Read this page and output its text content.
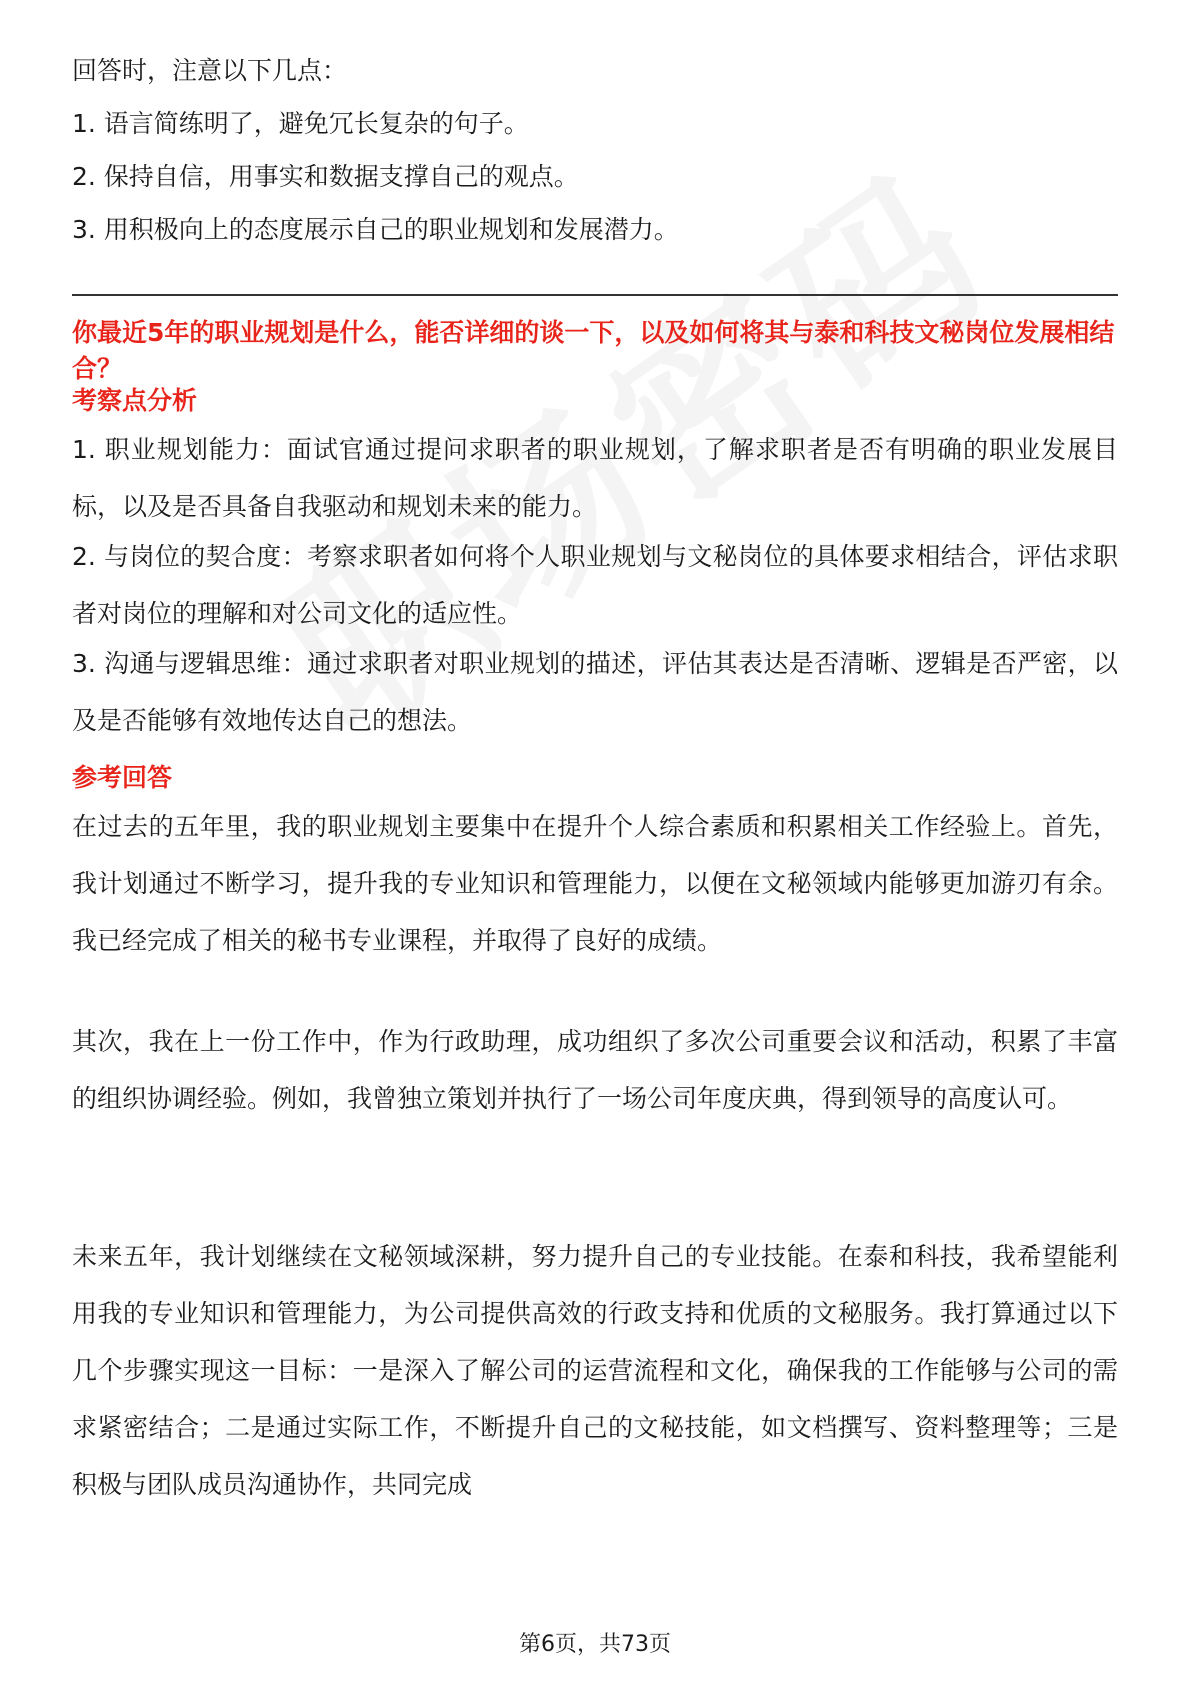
回答时，注意以下几点：
1. 语言简练明了，避免冗长复杂的句子。
2. 保持自信，用事实和数据支撑自己的观点。
3. 用积极向上的态度展示自己的职业规划和发展潜力。
你最近5年的职业规划是什么，能否详细的谈一下，以及如何将其与泰和科技文秘岗位发展相结合？
考察点分析
1. 职业规划能力：面试官通过提问求职者的职业规划，了解求职者是否有明确的职业发展目标，以及是否具备自我驱动和规划未来的能力。
2. 与岗位的契合度：考察求职者如何将个人职业规划与文秘岗位的具体要求相结合，评估求职者对岗位的理解和对公司文化的适应性。
3. 沟通与逻辑思维：通过求职者对职业规划的描述，评估其表达是否清晰、逻辑是否严密，以及是否能够有效地传达自己的想法。
参考回答
在过去的五年里，我的职业规划主要集中在提升个人综合素质和积累相关工作经验上。首先，我计划通过不断学习，提升我的专业知识和管理能力，以便在文秘领域内能够更加游刃有余。我已经完成了相关的秘书专业课程，并取得了良好的成绩。
其次，我在上一份工作中，作为行政助理，成功组织了多次公司重要会议和活动，积累了丰富的组织协调经验。例如，我曾独立策划并执行了一场公司年度庆典，得到领导的高度认可。
未来五年，我计划继续在文秘领域深耕，努力提升自己的专业技能。在泰和科技，我希望能利用我的专业知识和管理能力，为公司提供高效的行政支持和优质的文秘服务。我打算通过以下几个步骤实现这一目标：一是深入了解公司的运营流程和文化，确保我的工作能够与公司的需求紧密结合；二是通过实际工作，不断提升自己的文秘技能，如文档撰写、资料整理等；三是积极与团队成员沟通协作，共同完成
第6页，共73页
